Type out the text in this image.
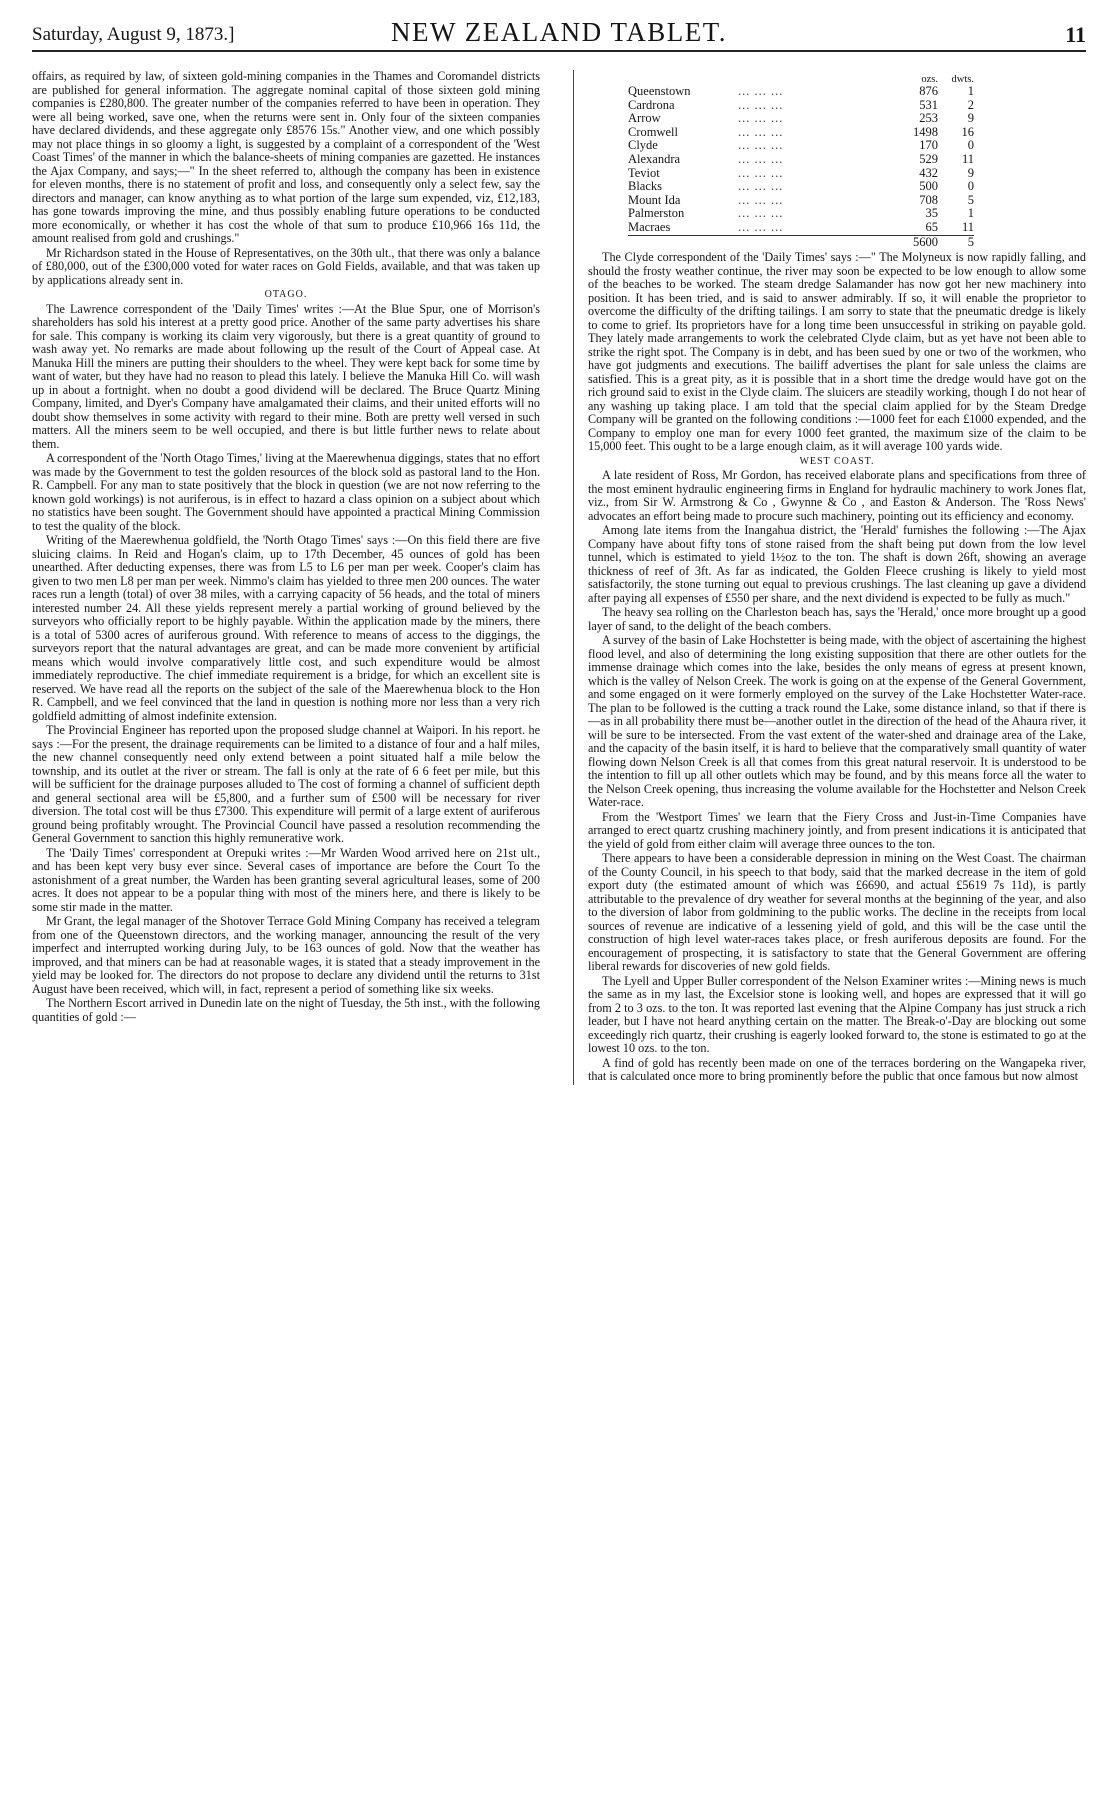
Saturday, August 9, 1873.]	NEW ZEALAND TABLET.	11

offairs, as required by law, of sixteen gold-mining companies in the Thames and Coromandel districts are published for general information. The aggregate nominal capital of those sixteen gold mining companies is £280,800. The greater number of the companies referred to have been in operation. They were all being worked, save one, when the returns were sent in. Only four of the sixteen companies have declared dividends, and these aggregate only £8576 15s." Another view, and one which possibly may not place things in so gloomy a light, is suggested by a complaint of a correspondent of the 'West Coast Times' of the manner in which the balance-sheets of mining companies are gazetted. He instances the Ajax Company, and says;—" In the sheet referred to, although the company has been in existence for eleven months, there is no statement of profit and loss, and consequently only a select few, say the directors and manager, can know anything as to what portion of the large sum expended, viz, £12,183, has gone towards improving the mine, and thus possibly enabling future operations to be conducted more economically, or whether it has cost the whole of that sum to produce £10,966 16s 11d, the amount realised from gold and crushings."

Mr Richardson stated in the House of Representatives, on the 30th ult., that there was only a balance of £80,000, out of the £300,000 voted for water races on Gold Fields, available, and that was taken up by applications already sent in.

OTAGO.

The Lawrence correspondent of the 'Daily Times' writes :—At the Blue Spur, one of Morrison's shareholders has sold his interest at a pretty good price. Another of the same party advertises his share for sale. This company is working its claim very vigorously, but there is a great quantity of ground to wash away yet. No remarks are made about following up the result of the Court of Appeal case. At Manuka Hill the miners are putting their shoulders to the wheel. They were kept back for some time by want of water, but they have had no reason to plead this lately. I believe the Manuka Hill Co. will wash up in about a fortnight. when no doubt a good dividend will be declared. The Bruce Quartz Mining Company, limited, and Dyer's Company have amalgamated their claims, and their united efforts will no doubt show themselves in some activity with regard to their mine. Both are pretty well versed in such matters. All the miners seem to be well occupied, and there is but little further news to relate about them.

A correspondent of the 'North Otago Times,' living at the Maerewhenua diggings, states that no effort was made by the Government to test the golden resources of the block sold as pastoral land to the Hon. R. Campbell. For any man to state positively that the block in question (we are not now referring to the known gold workings) is not auriferous, is in effect to hazard a class opinion on a subject about which no statistics have been sought. The Government should have appointed a practical Mining Commission to test the quality of the block.

Writing of the Maerewhenua goldfield, the 'North Otago Times' says :—On this field there are five sluicing claims. In Reid and Hogan's claim, up to 17th December, 45 ounces of gold has been unearthed. After deducting expenses, there was from L5 to L6 per man per week. Cooper's claim has given to two men L8 per man per week. Nimmo's claim has yielded to three men 200 ounces. The water races run a length (total) of over 38 miles, with a carrying capacity of 56 heads, and the total of miners interested number 24. All these yields represent merely a partial working of ground believed by the surveyors who officially report to be highly payable. Within the application made by the miners, there is a total of 5300 acres of auriferous ground. With reference to means of access to the diggings, the surveyors report that the natural advantages are great, and can be made more convenient by artificial means which would involve comparatively little cost, and such expenditure would be almost immediately reproductive. The chief immediate requirement is a bridge, for which an excellent site is reserved. We have read all the reports on the subject of the sale of the Maerewhenua block to the Hon R. Campbell, and we feel convinced that the land in question is nothing more nor less than a very rich goldfield admitting of almost indefinite extension.

The Provincial Engineer has reported upon the proposed sludge channel at Waipori. In his report. he says :—For the present, the drainage requirements can be limited to a distance of four and a half miles, the new channel consequently need only extend between a point situated half a mile below the township, and its outlet at the river or stream. The fall is only at the rate of 6 6 feet per mile, but this will be sufficient for the drainage purposes alluded to The cost of forming a channel of sufficient depth and general sectional area will be £5,800, and a further sum of £500 will be necessary for river diversion. The total cost will be thus £7300. This expenditure will permit of a large extent of auriferous ground being profitably wrought. The Provincial Council have passed a resolution recommending the General Government to sanction this highly remunerative work.

The 'Daily Times' correspondent at Orepuki writes :—Mr Warden Wood arrived here on 21st ult., and has been kept very busy ever since. Several cases of importance are before the Court To the astonishment of a great number, the Warden has been granting several agricultural leases, some of 200 acres. It does not appear to be a popular thing with most of the miners here, and there is likely to be some stir made in the matter.

Mr Grant, the legal manager of the Shotover Terrace Gold Mining Company has received a telegram from one of the Queenstown directors, and the working manager, announcing the result of the very imperfect and interrupted working during July, to be 163 ounces of gold. Now that the weather has improved, and that miners can be had at reasonable wages, it is stated that a steady improvement in the yield may be looked for. The directors do not propose to declare any dividend until the returns to 31st August have been received, which will, in fact, represent a period of something like six weeks.

The Northern Escort arrived in Dunedin late on the night of Tuesday, the 5th inst., with the following quantities of gold :—

		ozs.	dwts.
Queenstown	... ... ...	876	1
Cardrona	... ... ...	531	2
Arrow	... ... ...	253	9
Cromwell	... ... ...	1498	16
Clyde	... ... ...	170	0
Alexandra	... ... ...	529	11
Teviot	... ... ...	432	9
Blacks	... ... ...	500	0
Mount Ida	... ... ...	708	5
Palmerston	... ... ...	35	1
Macraes	... ... ...	65	11
		5600	5

The Clyde correspondent of the 'Daily Times' says :—" The Molyneux is now rapidly falling, and should the frosty weather continue, the river may soon be expected to be low enough to allow some of the beaches to be worked. The steam dredge Salamander has now got her new machinery into position. It has been tried, and is said to answer admirably. If so, it will enable the proprietor to overcome the difficulty of the drifting tailings. I am sorry to state that the pneumatic dredge is likely to come to grief. Its proprietors have for a long time been unsuccessful in striking on payable gold. They lately made arrangements to work the celebrated Clyde claim, but as yet have not been able to strike the right spot. The Company is in debt, and has been sued by one or two of the workmen, who have got judgments and executions. The bailiff advertises the plant for sale unless the claims are satisfied. This is a great pity, as it is possible that in a short time the dredge would have got on the rich ground said to exist in the Clyde claim. The sluicers are steadily working, though I do not hear of any washing up taking place. I am told that the special claim applied for by the Steam Dredge Company will be granted on the following conditions :—1000 feet for each £1000 expended, and the Company to employ one man for every 1000 feet granted, the maximum size of the claim to be 15,000 feet. This ought to be a large enough claim, as it will average 100 yards wide.

WEST COAST.

A late resident of Ross, Mr Gordon, has received elaborate plans and specifications from three of the most eminent hydraulic engineering firms in England for hydraulic machinery to work Jones flat, viz., from Sir W. Armstrong & Co , Gwynne & Co , and Easton & Anderson. The 'Ross News' advocates an effort being made to procure such machinery, pointing out its efficiency and economy.

Among late items from the Inangahua district, the 'Herald' furnishes the following :—The Ajax Company have about fifty tons of stone raised from the shaft being put down from the low level tunnel, which is estimated to yield 1½oz to the ton. The shaft is down 26ft, showing an average thickness of reef of 3ft. As far as indicated, the Golden Fleece crushing is likely to yield most satisfactorily, the stone turning out equal to previous crushings. The last cleaning up gave a dividend after paying all expenses of £550 per share, and the next dividend is expected to be fully as much."

The heavy sea rolling on the Charleston beach has, says the 'Herald,' once more brought up a good layer of sand, to the delight of the beach combers.

A survey of the basin of Lake Hochstetter is being made, with the object of ascertaining the highest flood level, and also of determining the long existing supposition that there are other outlets for the immense drainage which comes into the lake, besides the only means of egress at present known, which is the valley of Nelson Creek. The work is going on at the expense of the General Government, and some engaged on it were formerly employed on the survey of the Lake Hochstetter Water-race. The plan to be followed is the cutting a track round the Lake, some distance inland, so that if there is—as in all probability there must be—another outlet in the direction of the head of the Ahaura river, it will be sure to be intersected. From the vast extent of the water-shed and drainage area of the Lake, and the capacity of the basin itself, it is hard to believe that the comparatively small quantity of water flowing down Nelson Creek is all that comes from this great natural reservoir. It is understood to be the intention to fill up all other outlets which may be found, and by this means force all the water to the Nelson Creek opening, thus increasing the volume available for the Hochstetter and Nelson Creek Water-race.

From the 'Westport Times' we learn that the Fiery Cross and Just-in-Time Companies have arranged to erect quartz crushing machinery jointly, and from present indications it is anticipated that the yield of gold from either claim will average three ounces to the ton.

There appears to have been a considerable depression in mining on the West Coast. The chairman of the County Council, in his speech to that body, said that the marked decrease in the item of gold export duty (the estimated amount of which was £6690, and actual £5619 7s 11d), is partly attributable to the prevalence of dry weather for several months at the beginning of the year, and also to the diversion of labor from goldmining to the public works. The decline in the receipts from local sources of revenue are indicative of a lessening yield of gold, and this will be the case until the construction of high level water-races takes place, or fresh auriferous deposits are found. For the encouragement of prospecting, it is satisfactory to state that the General Government are offering liberal rewards for discoveries of new gold fields.

The Lyell and Upper Buller correspondent of the Nelson Examiner writes :—Mining news is much the same as in my last, the Excelsior stone is looking well, and hopes are expressed that it will go from 2 to 3 ozs. to the ton. It was reported last evening that the Alpine Company has just struck a rich leader, but I have not heard anything certain on the matter. The Break-o'-Day are blocking out some exceedingly rich quartz, their crushing is eagerly looked forward to, the stone is estimated to go at the lowest 10 ozs. to the ton.

A find of gold has recently been made on one of the terraces bordering on the Wangapeka river, that is calculated once more to bring prominently before the public that once famous but now almost
